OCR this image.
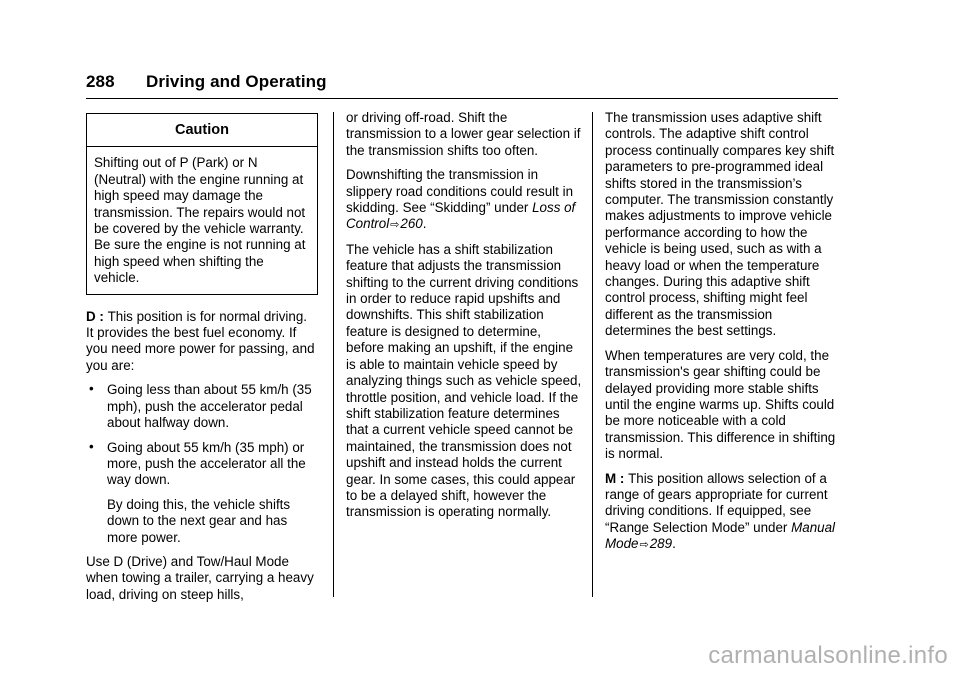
288 Driving and Operating
Caution
Shifting out of P (Park) or N (Neutral) with the engine running at high speed may damage the transmission. The repairs would not be covered by the vehicle warranty. Be sure the engine is not running at high speed when shifting the vehicle.

D : This position is for normal driving. It provides the best fuel economy. If you need more power for passing, and you are:

• Going less than about 55 km/h (35 mph), push the accelerator pedal about halfway down.
• Going about 55 km/h (35 mph) or more, push the accelerator all the way down.

By doing this, the vehicle shifts down to the next gear and has more power.

Use D (Drive) and Tow/Haul Mode when towing a trailer, carrying a heavy load, driving on steep hills,

or driving off-road. Shift the transmission to a lower gear selection if the transmission shifts too often.

Downshifting the transmission in slippery road conditions could result in skidding. See “Skidding” under Loss of Control⇨260.

The vehicle has a shift stabilization feature that adjusts the transmission shifting to the current driving conditions in order to reduce rapid upshifts and downshifts. This shift stabilization feature is designed to determine, before making an upshift, if the engine is able to maintain vehicle speed by analyzing things such as vehicle speed, throttle position, and vehicle load. If the shift stabilization feature determines that a current vehicle speed cannot be maintained, the transmission does not upshift and instead holds the current gear. In some cases, this could appear to be a delayed shift, however the transmission is operating normally.

The transmission uses adaptive shift controls. The adaptive shift control process continually compares key shift parameters to pre-programmed ideal shifts stored in the transmission’s computer. The transmission constantly makes adjustments to improve vehicle performance according to how the vehicle is being used, such as with a heavy load or when the temperature changes. During this adaptive shift control process, shifting might feel different as the transmission determines the best settings.

When temperatures are very cold, the transmission's gear shifting could be delayed providing more stable shifts until the engine warms up. Shifts could be more noticeable with a cold transmission. This difference in shifting is normal.

M : This position allows selection of a range of gears appropriate for current driving conditions. If equipped, see “Range Selection Mode” under Manual Mode⇨289.

carmanualsonline.info
